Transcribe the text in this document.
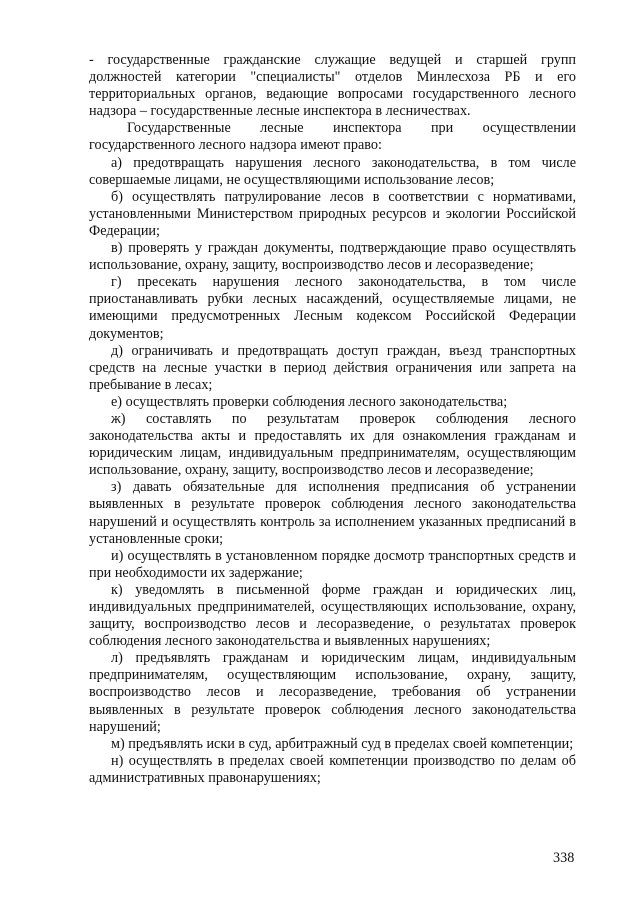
- государственные гражданские служащие ведущей и старшей групп должностей категории "специалисты" отделов Минлесхоза РБ и его территориальных органов, ведающие вопросами государственного лесного надзора – государственные лесные инспектора в лесничествах.

Государственные лесные инспектора при осуществлении государственного лесного надзора имеют право:

а) предотвращать нарушения лесного законодательства, в том числе совершаемые лицами, не осуществляющими использование лесов;

б) осуществлять патрулирование лесов в соответствии с нормативами, установленными Министерством природных ресурсов и экологии Российской Федерации;

в) проверять у граждан документы, подтверждающие право осуществлять использование, охрану, защиту, воспроизводство лесов и лесоразведение;

г) пресекать нарушения лесного законодательства, в том числе приостанавливать рубки лесных насаждений, осуществляемые лицами, не имеющими предусмотренных Лесным кодексом Российской Федерации документов;

д) ограничивать и предотвращать доступ граждан, въезд транспортных средств на лесные участки в период действия ограничения или запрета на пребывание в лесах;

е) осуществлять проверки соблюдения лесного законодательства;

ж) составлять по результатам проверок соблюдения лесного законодательства акты и предоставлять их для ознакомления гражданам и юридическим лицам, индивидуальным предпринимателям, осуществляющим использование, охрану, защиту, воспроизводство лесов и лесоразведение;

з) давать обязательные для исполнения предписания об устранении выявленных в результате проверок соблюдения лесного законодательства нарушений и осуществлять контроль за исполнением указанных предписаний в установленные сроки;

и) осуществлять в установленном порядке досмотр транспортных средств и при необходимости их задержание;

к) уведомлять в письменной форме граждан и юридических лиц, индивидуальных предпринимателей, осуществляющих использование, охрану, защиту, воспроизводство лесов и лесоразведение, о результатах проверок соблюдения лесного законодательства и выявленных нарушениях;

л) предъявлять гражданам и юридическим лицам, индивидуальным предпринимателям, осуществляющим использование, охрану, защиту, воспроизводство лесов и лесоразведение, требования об устранении выявленных в результате проверок соблюдения лесного законодательства нарушений;

м) предъявлять иски в суд, арбитражный суд в пределах своей компетенции;

н) осуществлять в пределах своей компетенции производство по делам об административных правонарушениях;

338
